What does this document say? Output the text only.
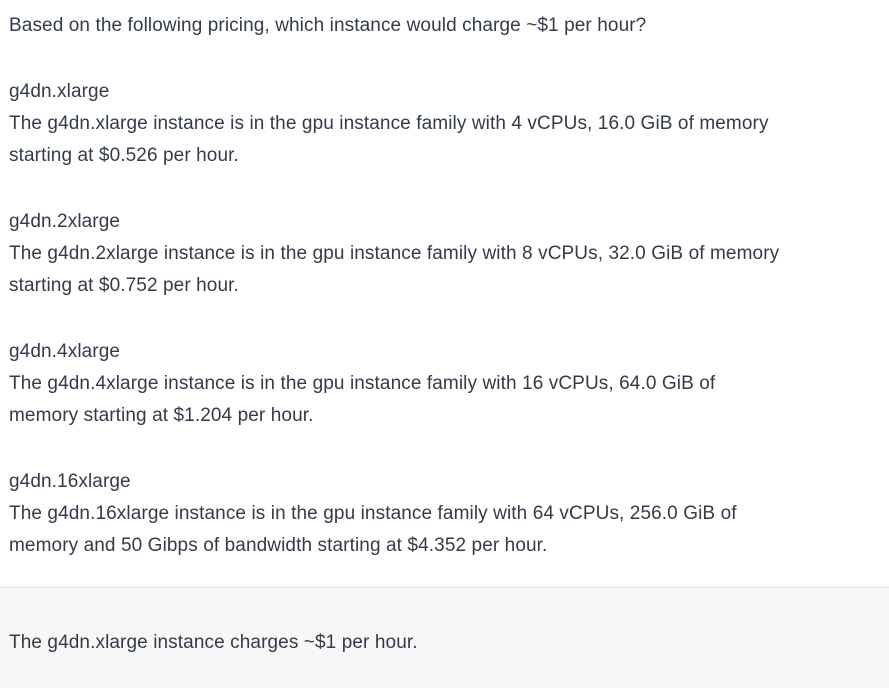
Based on the following pricing, which instance would charge ~$1 per hour?

g4dn.xlarge
The g4dn.xlarge instance is in the gpu instance family with 4 vCPUs, 16.0 GiB of memory
starting at $0.526 per hour.
g4dn.2xlarge
The g4dn.2xlarge instance is in the gpu instance family with 8 vCPUs, 32.0 GiB of memory
starting at $0.752 per hour.
g4dn.4xlarge
The g4dn.4xlarge instance is in the gpu instance family with 16 vCPUs, 64.0 GiB of
memory starting at $1.204 per hour.
g4dn.16xlarge
The g4dn.16xlarge instance is in the gpu instance family with 64 vCPUs, 256.0 GiB of
memory and 50 Gibps of bandwidth starting at $4.352 per hour.
The g4dn.xlarge instance charges ~$1 per hour.
